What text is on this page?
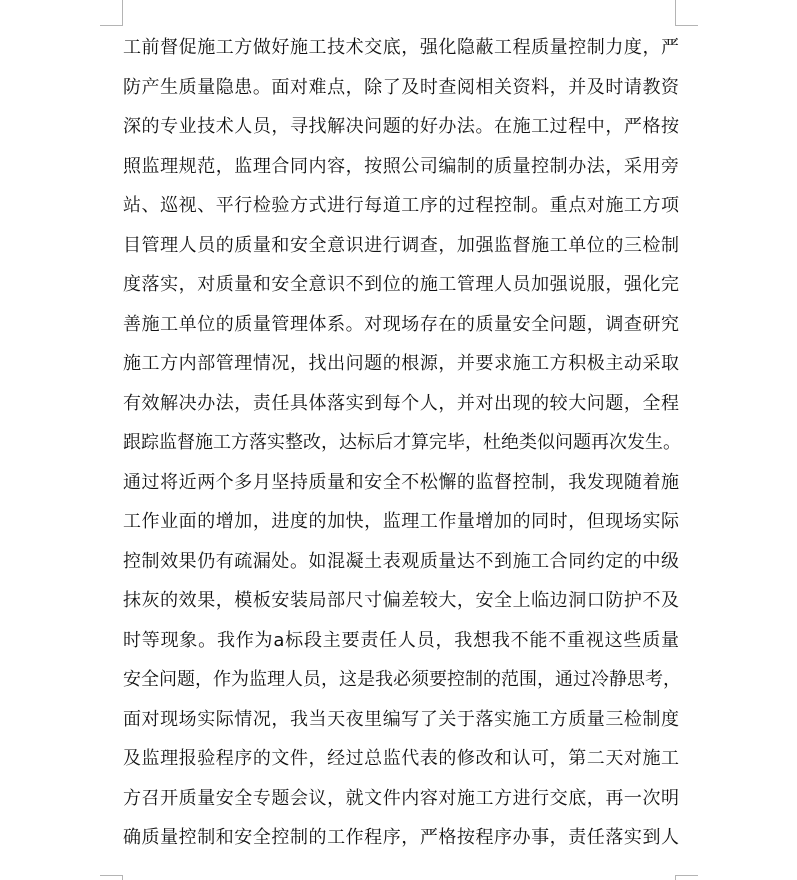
工前督促施工方做好施工技术交底，强化隐蔽工程质量控制力度，严
防产生质量隐患。面对难点，除了及时查阅相关资料，并及时请教资
深的专业技术人员，寻找解决问题的好办法。在施工过程中，严格按
照监理规范，监理合同内容，按照公司编制的质量控制办法，采用旁
站、巡视、平行检验方式进行每道工序的过程控制。重点对施工方项
目管理人员的质量和安全意识进行调查，加强监督施工单位的三检制
度落实，对质量和安全意识不到位的施工管理人员加强说服，强化完
善施工单位的质量管理体系。对现场存在的质量安全问题，调查研究
施工方内部管理情况，找出问题的根源，并要求施工方积极主动采取
有效解决办法，责任具体落实到每个人，并对出现的较大问题，全程
跟踪监督施工方落实整改，达标后才算完毕，杜绝类似问题再次发生。
通过将近两个多月坚持质量和安全不松懈的监督控制，我发现随着施
工作业面的增加，进度的加快，监理工作量增加的同时，但现场实际
控制效果仍有疏漏处。如混凝土表观质量达不到施工合同约定的中级
抹灰的效果，模板安装局部尺寸偏差较大，安全上临边洞口防护不及
时等现象。我作为a标段主要责任人员，我想我不能不重视这些质量
安全问题，作为监理人员，这是我必须要控制的范围，通过冷静思考，
面对现场实际情况，我当天夜里编写了关于落实施工方质量三检制度
及监理报验程序的文件，经过总监代表的修改和认可，第二天对施工
方召开质量安全专题会议，就文件内容对施工方进行交底，再一次明
确质量控制和安全控制的工作程序，严格按程序办事，责任落实到人
